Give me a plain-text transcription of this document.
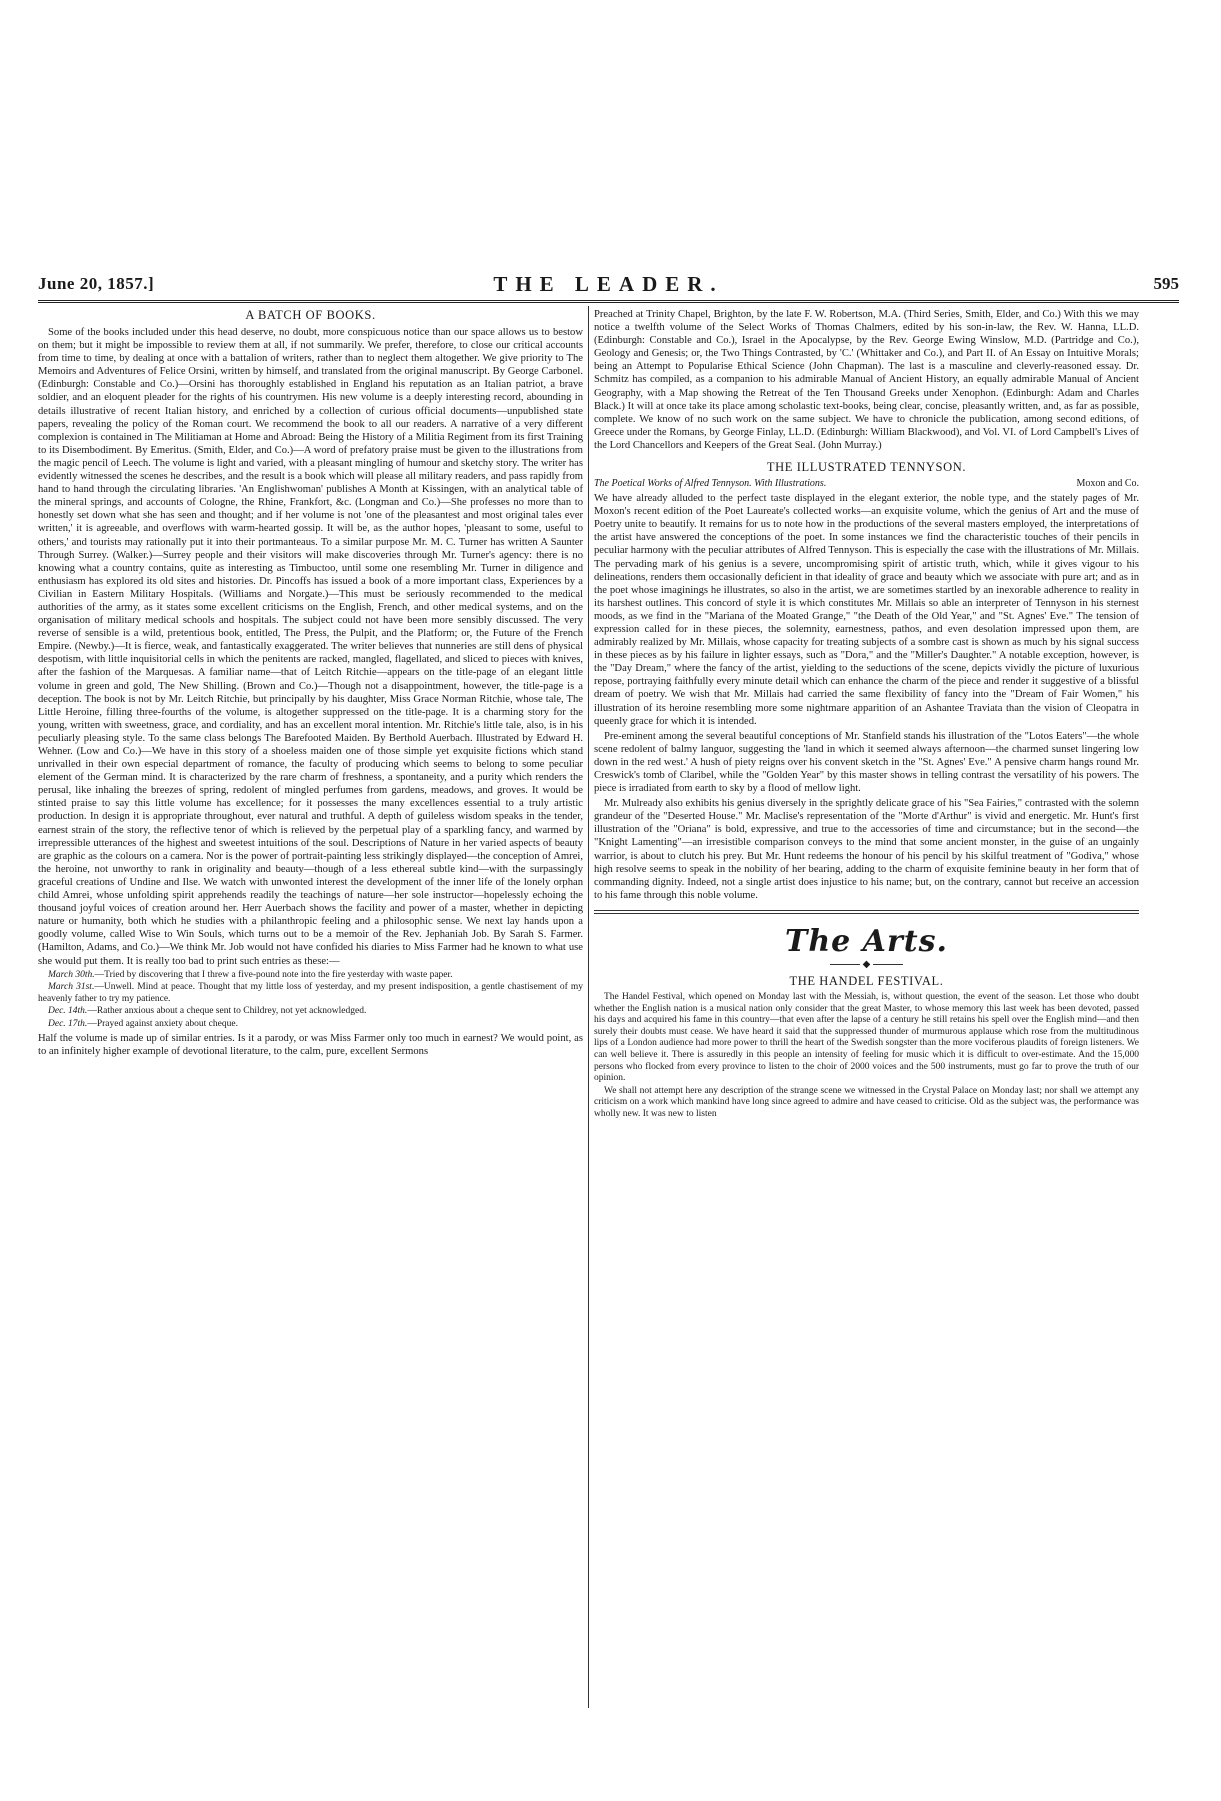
June 20, 1857.]	THE LEADER.	595
A BATCH OF BOOKS.

Some of the books included under this head deserve, no doubt, more conspicuous notice than our space allows us to bestow on them; but it might be impossible to review them at all, if not summarily. We prefer, therefore, to close our critical accounts from time to time, by dealing at once with a battalion of writers, rather than to neglect them altogether. We give priority to The Memoirs and Adventures of Felice Orsini, written by himself, and translated from the original manuscript. By George Carbonel. (Edinburgh: Constable and Co.)—Orsini has thoroughly established in England his reputation as an Italian patriot, a brave soldier, and an eloquent pleader for the rights of his countrymen. His new volume is a deeply interesting record, abounding in details illustrative of recent Italian history, and enriched by a collection of curious official documents—unpublished state papers, revealing the policy of the Roman court. We recommend the book to all our readers. A narrative of a very different complexion is contained in The Militiaman at Home and Abroad: Being the History of a Militia Regiment from its first Training to its Disembodiment. By Emeritus. (Smith, Elder, and Co.)—A word of prefatory praise must be given to the illustrations from the magic pencil of Leech. The volume is light and varied, with a pleasant mingling of humour and sketchy story. The writer has evidently witnessed the scenes he describes, and the result is a book which will please all military readers, and pass rapidly from hand to hand through the circulating libraries. 'An Englishwoman' publishes A Month at Kissingen, with an analytical table of the mineral springs, and accounts of Cologne, the Rhine, Frankfort, &c. (Longman and Co.)—She professes no more than to honestly set down what she has seen and thought; and if her volume is not 'one of the pleasantest and most original tales ever written,' it is agreeable, and overflows with warm-hearted gossip. It will be, as the author hopes, 'pleasant to some, useful to others,' and tourists may rationally put it into their portmanteaus. To a similar purpose Mr. M. C. Turner has written A Saunter Through Surrey. (Walker.)—Surrey people and their visitors will make discoveries through Mr. Turner's agency: there is no knowing what a country contains, quite as interesting as Timbuctoo, until some one resembling Mr. Turner in diligence and enthusiasm has explored its old sites and histories. Dr. Pincoffs has issued a book of a more important class, Experiences by a Civilian in Eastern Military Hospitals. (Williams and Norgate.)—This must be seriously recommended to the medical authorities of the army, as it states some excellent criticisms on the English, French, and other medical systems, and on the organisation of military medical schools and hospitals. The subject could not have been more sensibly discussed. The very reverse of sensible is a wild, pretentious book, entitled, The Press, the Pulpit, and the Platform; or, the Future of the French Empire. (Newby.)—It is fierce, weak, and fantastically exaggerated. The writer believes that nunneries are still dens of physical despotism, with little inquisitorial cells in which the penitents are racked, mangled, flagellated, and sliced to pieces with knives, after the fashion of the Marquesas. A familiar name—that of Leitch Ritchie—appears on the title-page of an elegant little volume in green and gold, The New Shilling. (Brown and Co.)—Though not a disappointment, however, the title-page is a deception. The book is not by Mr. Leitch Ritchie, but principally by his daughter, Miss Grace Norman Ritchie, whose tale, The Little Heroine, filling three-fourths of the volume, is altogether suppressed on the title-page. It is a charming story for the young, written with sweetness, grace, and cordiality, and has an excellent moral intention. Mr. Ritchie's little tale, also, is in his peculiarly pleasing style. To the same class belongs The Barefooted Maiden. By Berthold Auerbach. Illustrated by Edward H. Wehner. (Low and Co.)—We have in this story of a shoeless maiden one of those simple yet exquisite fictions which stand unrivalled in their own especial department of romance, the faculty of producing which seems to belong to some peculiar element of the German mind. It is characterized by the rare charm of freshness, a spontaneity, and a purity which renders the perusal, like inhaling the breezes of spring, redolent of mingled perfumes from gardens, meadows, and groves. It would be stinted praise to say this little volume has excellence; for it possesses the many excellences essential to a truly artistic production. In design it is appropriate throughout, ever natural and truthful. A depth of guileless wisdom speaks in the tender, earnest strain of the story, the reflective tenor of which is relieved by the perpetual play of a sparkling fancy, and warmed by irrepressible utterances of the highest and sweetest intuitions of the soul. Descriptions of Nature in her varied aspects of beauty are graphic as the colours on a camera. Nor is the power of portrait-painting less strikingly displayed—the conception of Amrei, the heroine, not unworthy to rank in originality and beauty—though of a less ethereal subtle kind—with the surpassingly graceful creations of Undine and Ilse. We watch with unwonted interest the development of the inner life of the lonely orphan child Amrei, whose unfolding spirit apprehends readily the teachings of nature—her sole instructor—hopelessly echoing the thousand joyful voices of creation around her. Herr Auerbach shows the facility and power of a master, whether in depicting nature or humanity, both which he studies with a philanthropic feeling and a philosophic sense. We next lay hands upon a goodly volume, called Wise to Win Souls, which turns out to be a memoir of the Rev. Jephaniah Job. By Sarah S. Farmer. (Hamilton, Adams, and Co.)—We think Mr. Job would not have confided his diaries to Miss Farmer had he known to what use she would put them. It is really too bad to print such entries as these:—

March 30th.—Tried by discovering that I threw a five-pound note into the fire yesterday with waste paper.

March 31st.—Unwell. Mind at peace. Thought that my little loss of yesterday, and my present indisposition, a gentle chastisement of my heavenly father to try my patience.

Dec. 14th.—Rather anxious about a cheque sent to Childrey, not yet acknowledged.

Dec. 17th.—Prayed against anxiety about cheque.

Half the volume is made up of similar entries. Is it a parody, or was Miss Farmer only too much in earnest? We would point, as to an infinitely higher example of devotional literature, to the calm, pure, excellent Sermons

Preached at Trinity Chapel, Brighton, by the late F. W. Robertson, M.A. (Third Series, Smith, Elder, and Co.) With this we may notice a twelfth volume of the Select Works of Thomas Chalmers, edited by his son-in-law, the Rev. W. Hanna, LL.D. (Edinburgh: Constable and Co.), Israel in the Apocalypse, by the Rev. George Ewing Winslow, M.D. (Partridge and Co.), Geology and Genesis; or, the Two Things Contrasted, by 'C.' (Whittaker and Co.), and Part II. of An Essay on Intuitive Morals; being an Attempt to Popularise Ethical Science (John Chapman). The last is a masculine and cleverly-reasoned essay. Dr. Schmitz has compiled, as a companion to his admirable Manual of Ancient History, an equally admirable Manual of Ancient Geography, with a Map showing the Retreat of the Ten Thousand Greeks under Xenophon. (Edinburgh: Adam and Charles Black.) It will at once take its place among scholastic text-books, being clear, concise, pleasantly written, and, as far as possible, complete. We know of no such work on the same subject. We have to chronicle the publication, among second editions, of Greece under the Romans, by George Finlay, LL.D. (Edinburgh: William Blackwood), and Vol. VI. of Lord Campbell's Lives of the Lord Chancellors and Keepers of the Great Seal. (John Murray.)

THE ILLUSTRATED TENNYSON.
The Poetical Works of Alfred Tennyson. With Illustrations.	Moxon and Co.

We have already alluded to the perfect taste displayed in the elegant exterior, the noble type, and the stately pages of Mr. Moxon's recent edition of the Poet Laureate's collected works—an exquisite volume, which the genius of Art and the muse of Poetry unite to beautify. It remains for us to note how in the productions of the several masters employed, the interpretations of the artist have answered the conceptions of the poet. In some instances we find the characteristic touches of their pencils in peculiar harmony with the peculiar attributes of Alfred Tennyson. This is especially the case with the illustrations of Mr. Millais. The pervading mark of his genius is a severe, uncompromising spirit of artistic truth, which, while it gives vigour to his delineations, renders them occasionally deficient in that ideality of grace and beauty which we associate with pure art; and as in the poet whose imaginings he illustrates, so also in the artist, we are sometimes startled by an inexorable adherence to reality in its harshest outlines. This concord of style it is which constitutes Mr. Millais so able an interpreter of Tennyson in his sternest moods, as we find in the "Mariana of the Moated Grange," "the Death of the Old Year," and "St. Agnes' Eve." The tension of expression called for in these pieces, the solemnity, earnestness, pathos, and even desolation impressed upon them, are admirably realized by Mr. Millais, whose capacity for treating subjects of a sombre cast is shown as much by his signal success in these pieces as by his failure in lighter essays, such as "Dora," and the "Miller's Daughter." A notable exception, however, is the "Day Dream," where the fancy of the artist, yielding to the seductions of the scene, depicts vividly the picture of luxurious repose, portraying faithfully every minute detail which can enhance the charm of the piece and render it suggestive of a blissful dream of poetry. We wish that Mr. Millais had carried the same flexibility of fancy into the "Dream of Fair Women," his illustration of its heroine resembling more some nightmare apparition of an Ashantee Traviata than the vision of Cleopatra in queenly grace for which it is intended.

Pre-eminent among the several beautiful conceptions of Mr. Stanfield stands his illustration of the "Lotos Eaters"—the whole scene redolent of balmy languor, suggesting the 'land in which it seemed always afternoon—the charmed sunset lingering low down in the red west.' A hush of piety reigns over his convent sketch in the "St. Agnes' Eve." A pensive charm hangs round Mr. Creswick's tomb of Claribel, while the "Golden Year" by this master shows in telling contrast the versatility of his powers. The piece is irradiated from earth to sky by a flood of mellow light.

Mr. Mulready also exhibits his genius diversely in the sprightly delicate grace of his "Sea Fairies," contrasted with the solemn grandeur of the "Deserted House." Mr. Maclise's representation of the "Morte d'Arthur" is vivid and energetic. Mr. Hunt's first illustration of the "Oriana" is bold, expressive, and true to the accessories of time and circumstance; but in the second—the "Knight Lamenting"—an irresistible comparison conveys to the mind that some ancient monster, in the guise of an ungainly warrior, is about to clutch his prey. But Mr. Hunt redeems the honour of his pencil by his skilful treatment of "Godiva," whose high resolve seems to speak in the nobility of her bearing, adding to the charm of exquisite feminine beauty in her form that of commanding dignity. Indeed, not a single artist does injustice to his name; but, on the contrary, cannot but receive an accession to his fame through this noble volume.

The Arts.
◆
THE HANDEL FESTIVAL.

The Handel Festival, which opened on Monday last with the Messiah, is, without question, the event of the season. Let those who doubt whether the English nation is a musical nation only consider that the great Master, to whose memory this last week has been devoted, passed his days and acquired his fame in this country—that even after the lapse of a century he still retains his spell over the English mind—and then surely their doubts must cease. We have heard it said that the suppressed thunder of murmurous applause which rose from the multitudinous lips of a London audience had more power to thrill the heart of the Swedish songster than the more vociferous plaudits of foreign listeners. We can well believe it. There is assuredly in this people an intensity of feeling for music which it is difficult to over-estimate. And the 15,000 persons who flocked from every province to listen to the choir of 2000 voices and the 500 instruments, must go far to prove the truth of our opinion.

We shall not attempt here any description of the strange scene we witnessed in the Crystal Palace on Monday last; nor shall we attempt any criticism on a work which mankind have long since agreed to admire and have ceased to criticise. Old as the subject was, the performance was wholly new. It was new to listen
